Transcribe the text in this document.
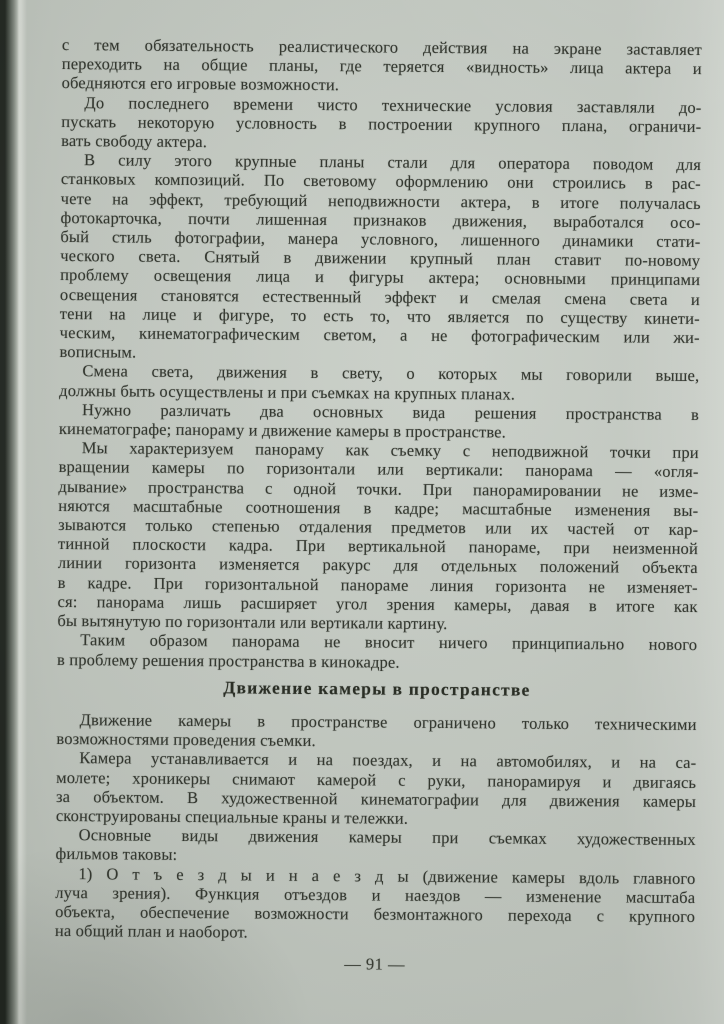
с тем обязательность реалистического действия на экране заставляет
переходить на общие планы, где теряется «видность» лица актера и
обедняются его игровые возможности.
До последнего времени чисто технические условия заставляли до-
пускать некоторую условность в построении крупного плана, ограничи-
вать свободу актера.
В силу этого крупные планы стали для оператора поводом для
станковых композиций. По световому оформлению они строились в рас-
чете на эффект, требующий неподвижности актера, в итоге получалась
фотокарточка, почти лишенная признаков движения, выработался осо-
бый стиль фотографии, манера условного, лишенного динамики стати-
ческого света. Снятый в движении крупный план ставит по-новому
проблему освещения лица и фигуры актера; основными принципами
освещения становятся естественный эффект и смелая смена света и
тени на лице и фигуре, то есть то, что является по существу кинети-
ческим, кинематографическим светом, а не фотографическим или жи-
вописным.
Смена света, движения в свету, о которых мы говорили выше,
должны быть осуществлены и при съемках на крупных планах.
Нужно различать два основных вида решения пространства в
кинематографе; панораму и движение камеры в пространстве.
Мы характеризуем панораму как съемку с неподвижной точки при
вращении камеры по горизонтали или вертикали: панорама — «огля-
дывание» пространства с одной точки. При панорамировании не изме-
няются масштабные соотношения в кадре; масштабные изменения вы-
зываются только степенью отдаления предметов или их частей от кар-
тинной плоскости кадра. При вертикальной панораме, при неизменной
линии горизонта изменяется ракурс для отдельных положений объекта
в кадре. При горизонтальной панораме линия горизонта не изменяет-
ся: панорама лишь расширяет угол зрения камеры, давая в итоге как
бы вытянутую по горизонтали или вертикали картину.
Таким образом панорама не вносит ничего принципиально нового
в проблему решения пространства в кинокадре.
Движение камеры в пространстве
Движение камеры в пространстве ограничено только техническими
возможностями проведения съемки.
Камера устанавливается и на поездах, и на автомобилях, и на са-
молете; хроникеры снимают камерой с руки, панорамируя и двигаясь
за объектом. В художественной кинематографии для движения камеры
сконструированы специальные краны и тележки.
Основные виды движения камеры при съемках художественных
фильмов таковы:
1) О т ъ е з д ы и н а е з д ы (движение камеры вдоль главного
луча зрения). Функция отъездов и наездов — изменение масштаба
объекта, обеспечение возможности безмонтажного перехода с крупного
на общий план и наоборот.
— 91 —
